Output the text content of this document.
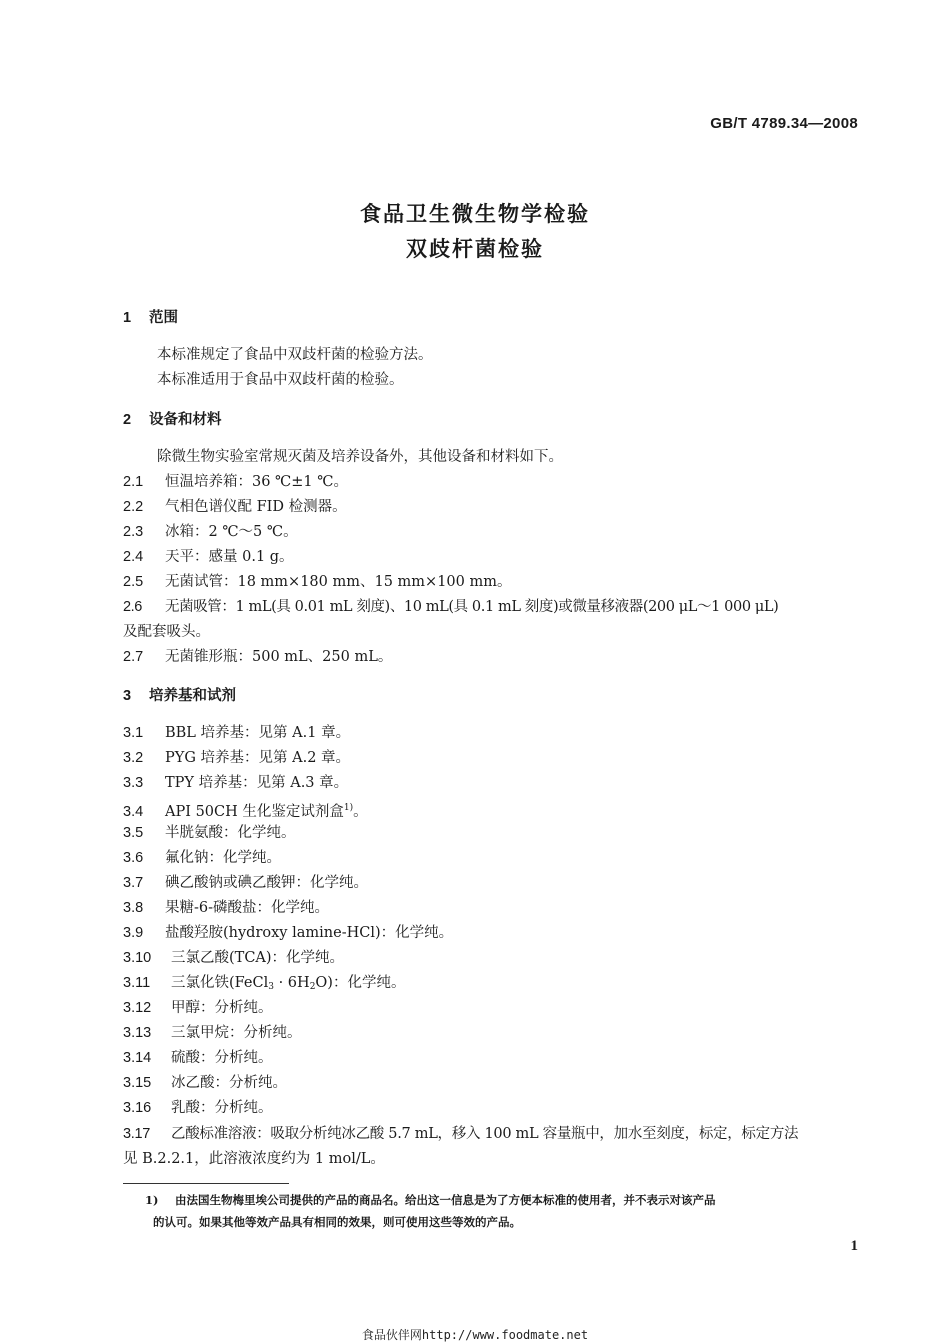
GB/T 4789.34—2008
食品卫生微生物学检验
双歧杆菌检验
1 范围
本标准规定了食品中双歧杆菌的检验方法。
本标准适用于食品中双歧杆菌的检验。
2 设备和材料
除微生物实验室常规灭菌及培养设备外，其他设备和材料如下。
2.1 恒温培养箱：36 ℃±1 ℃。
2.2 气相色谱仪配 FID 检测器。
2.3 冰箱：2 ℃～5 ℃。
2.4 天平：感量 0.1 g。
2.5 无菌试管：18 mm×180 mm、15 mm×100 mm。
2.6 无菌吸管：1 mL(具 0.01 mL 刻度)、10 mL(具 0.1 mL 刻度)或微量移液器(200 μL～1 000 μL)
及配套吸头。
2.7 无菌锥形瓶：500 mL、250 mL。
3 培养基和试剂
3.1 BBL 培养基：见第 A.1 章。
3.2 PYG 培养基：见第 A.2 章。
3.3 TPY 培养基：见第 A.3 章。
3.4 API 50CH 生化鉴定试剂盒$^{1)}$。
3.5 半胱氨酸：化学纯。
3.6 氟化钠：化学纯。
3.7 碘乙酸钠或碘乙酸钾：化学纯。
3.8 果糖-6-磷酸盐：化学纯。
3.9 盐酸羟胺(hydroxy lamine-HCl)：化学纯。
3.10 三氯乙酸(TCA)：化学纯。
3.11 三氯化铁(FeCl$_3$ · $6H_2O$)：化学纯。
3.12 甲醇：分析纯。
3.13 三氯甲烷：分析纯。
3.14 硫酸：分析纯。
3.15 冰乙酸：分析纯。
3.16 乳酸：分析纯。
3.17 乙酸标准溶液：吸取分析纯冰乙酸 5.7 mL，移入 100 mL 容量瓶中，加水至刻度，标定，标定方法
见 B.2.2.1，此溶液浓度约为 1 mol/L。
1) 由法国生物梅里埃公司提供的产品的商品名。给出这一信息是为了方便本标准的使用者，并不表示对该产品
的认可。如果其他等效产品具有相同的效果，则可使用这些等效的产品。
1
食品伙伴网http://www.foodmate.net
